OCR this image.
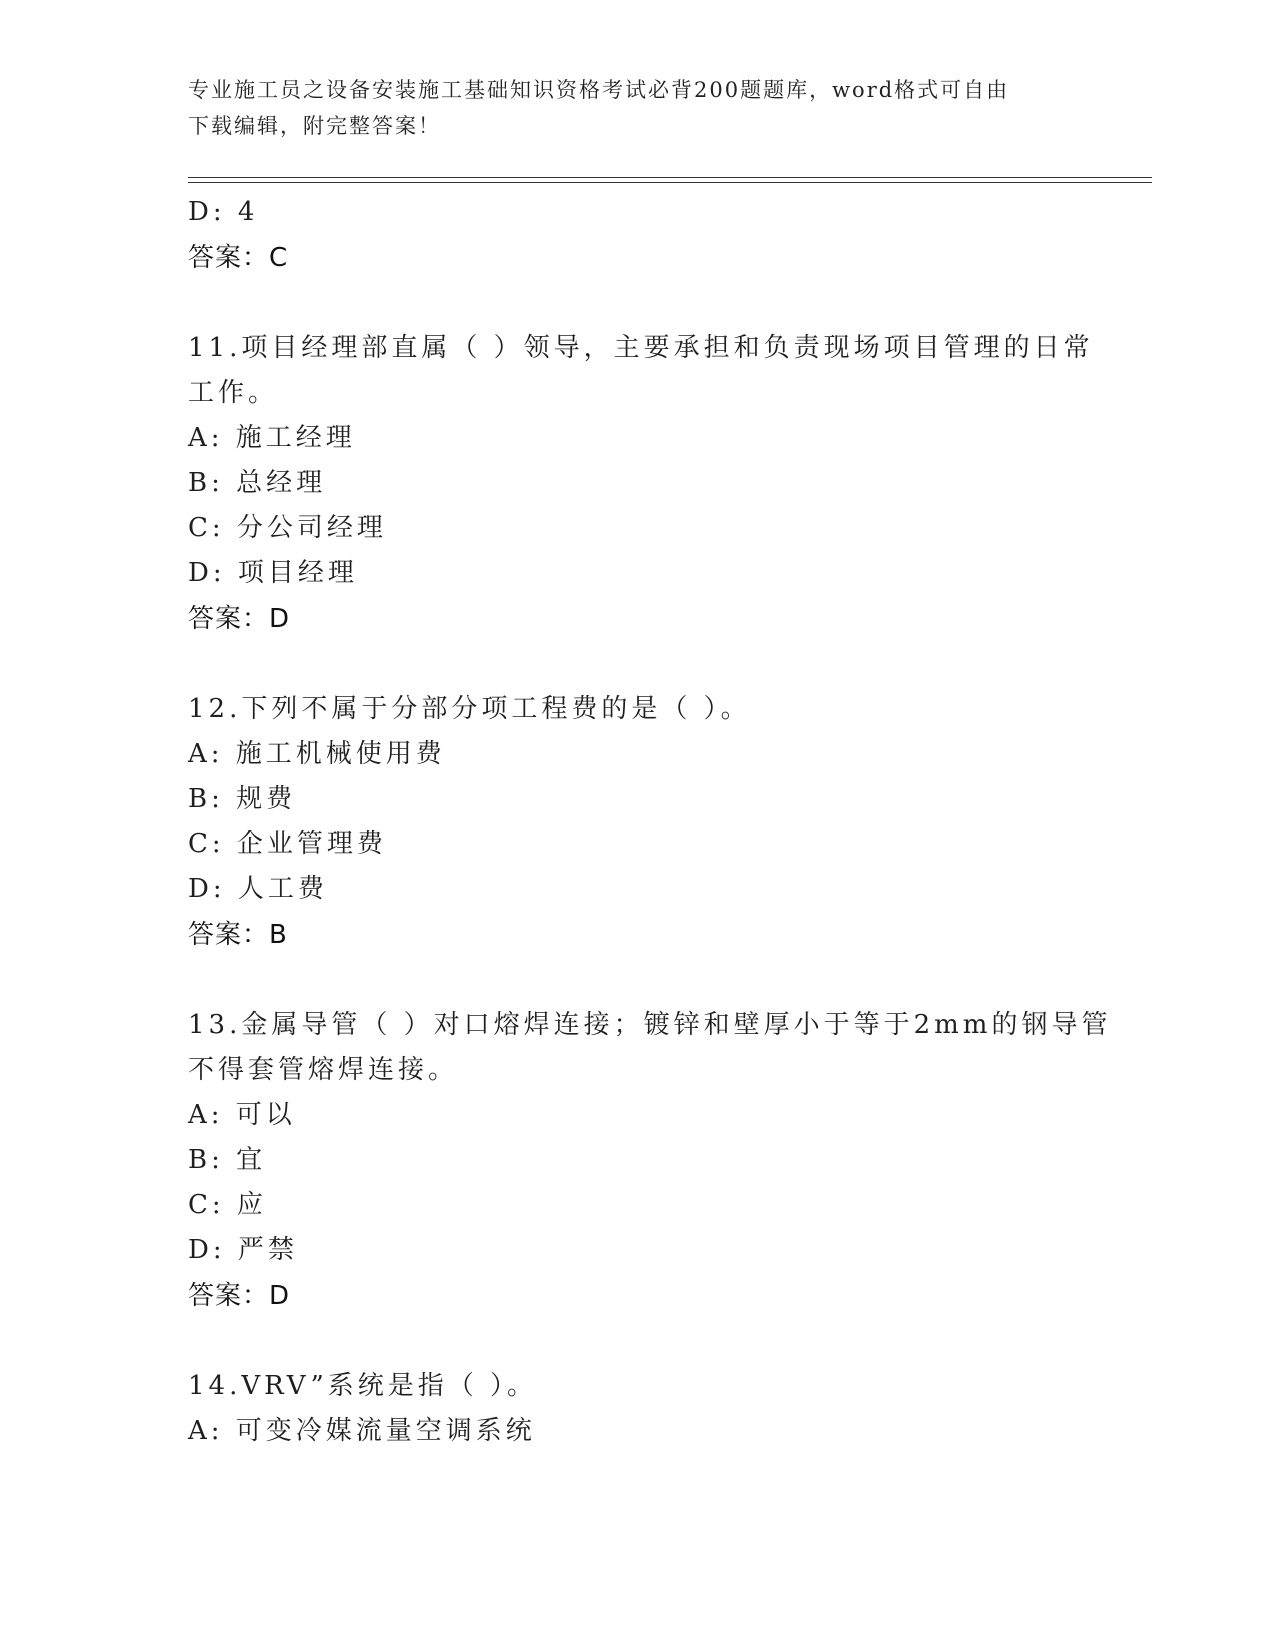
专业施工员之设备安装施工基础知识资格考试必背200题题库，word格式可自由
下载编辑，附完整答案！
D: 4
答案：C
11.项目经理部直属（ ）领导，主要承担和负责现场项目管理的日常
工作。
A: 施工经理
B: 总经理
C: 分公司经理
D: 项目经理
答案：D
12.下列不属于分部分项工程费的是（ ）。
A: 施工机械使用费
B: 规费
C: 企业管理费
D: 人工费
答案：B
13.金属导管（ ）对口熔焊连接；镀锌和壁厚小于等于2mm的钢导管
不得套管熔焊连接。
A: 可以
B: 宜
C: 应
D: 严禁
答案：D
14.VRV”系统是指（ ）。
A: 可变冷媒流量空调系统
